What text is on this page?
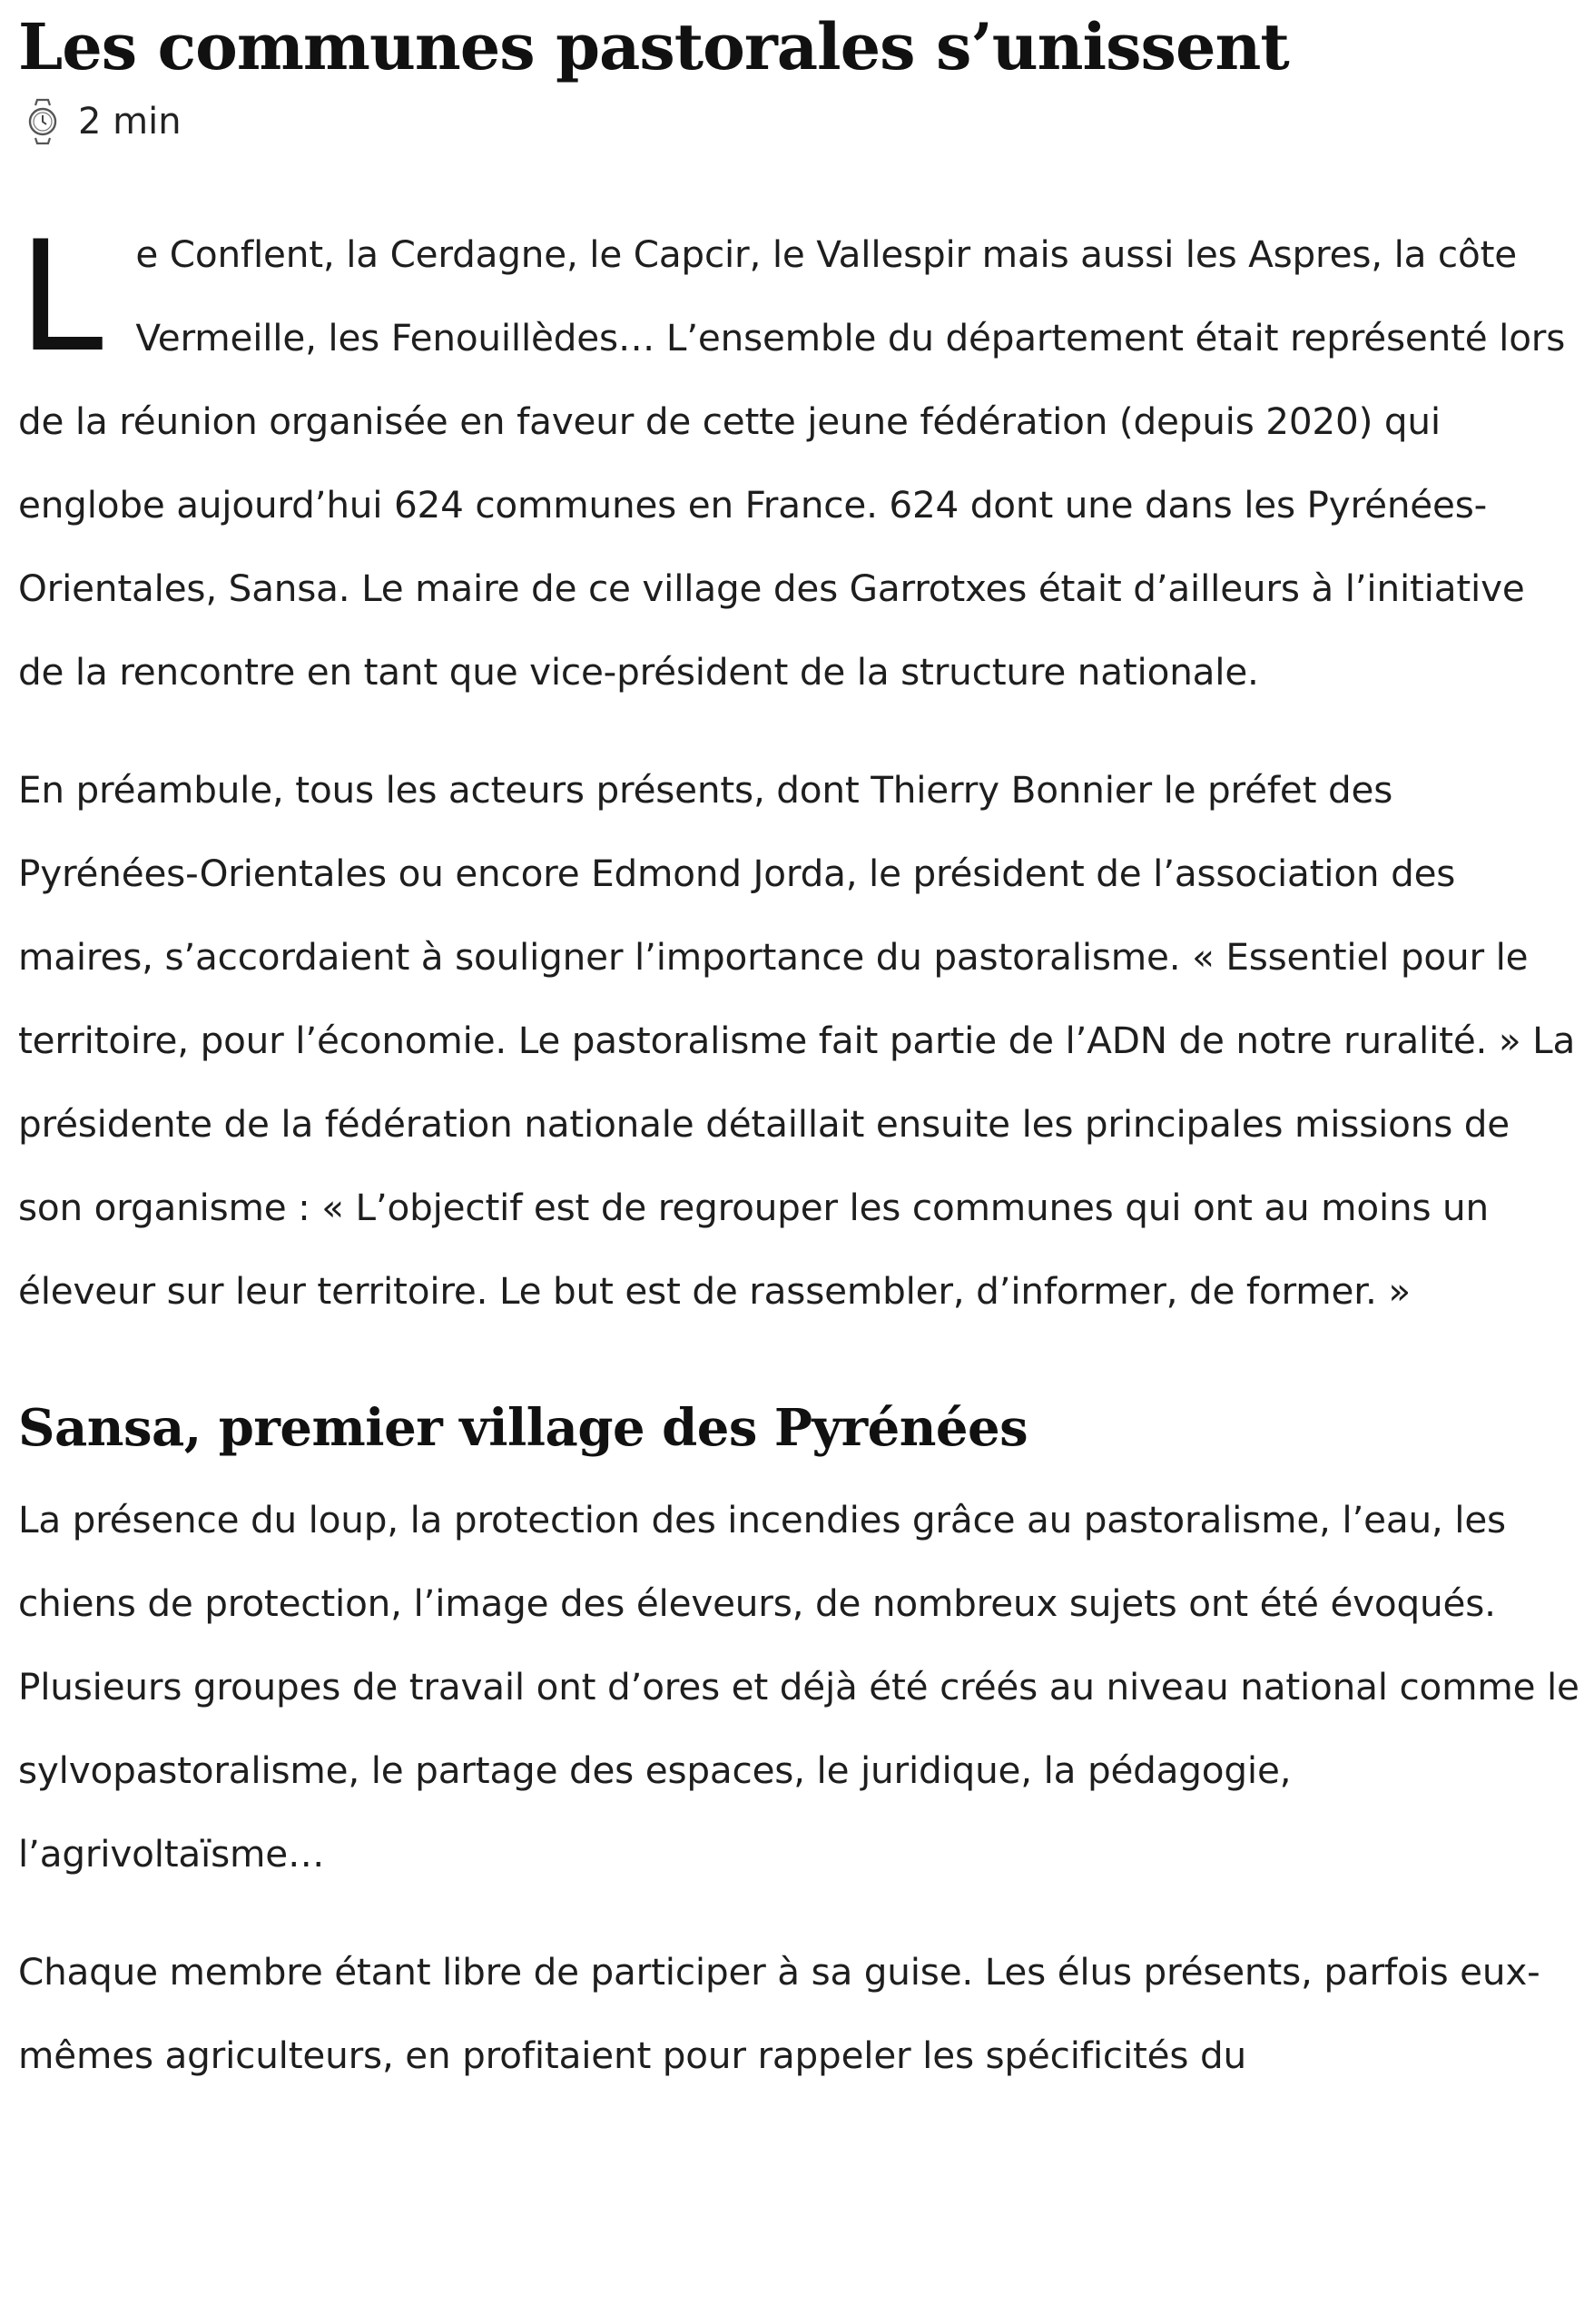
Les communes pastorales s’unissent
2 min

Le Conflent, la Cerdagne, le Capcir, le Vallespir mais aussi les Aspres, la côte Vermeille, les Fenouillèdes… L’ensemble du département était représenté lors de la réunion organisée en faveur de cette jeune fédération (depuis 2020) qui englobe aujourd’hui 624 communes en France. 624 dont une dans les Pyrénées-Orientales, Sansa. Le maire de ce village des Garrotxes était d’ailleurs à l’initiative de la rencontre en tant que vice-président de la structure nationale.

En préambule, tous les acteurs présents, dont Thierry Bonnier le préfet des Pyrénées-Orientales ou encore Edmond Jorda, le président de l’association des maires, s’accordaient à souligner l’importance du pastoralisme. « Essentiel pour le territoire, pour l’économie. Le pastoralisme fait partie de l’ADN de notre ruralité. » La présidente de la fédération nationale détaillait ensuite les principales missions de son organisme : « L’objectif est de regrouper les communes qui ont au moins un éleveur sur leur territoire. Le but est de rassembler, d’informer, de former. »

Sansa, premier village des Pyrénées

La présence du loup, la protection des incendies grâce au pastoralisme, l’eau, les chiens de protection, l’image des éleveurs, de nombreux sujets ont été évoqués. Plusieurs groupes de travail ont d’ores et déjà été créés au niveau national comme le sylvopastoralisme, le partage des espaces, le juridique, la pédagogie, l’agrivoltaïsme…

Chaque membre étant libre de participer à sa guise. Les élus présents, parfois eux-mêmes agriculteurs, en profitaient pour rappeler les spécificités du
